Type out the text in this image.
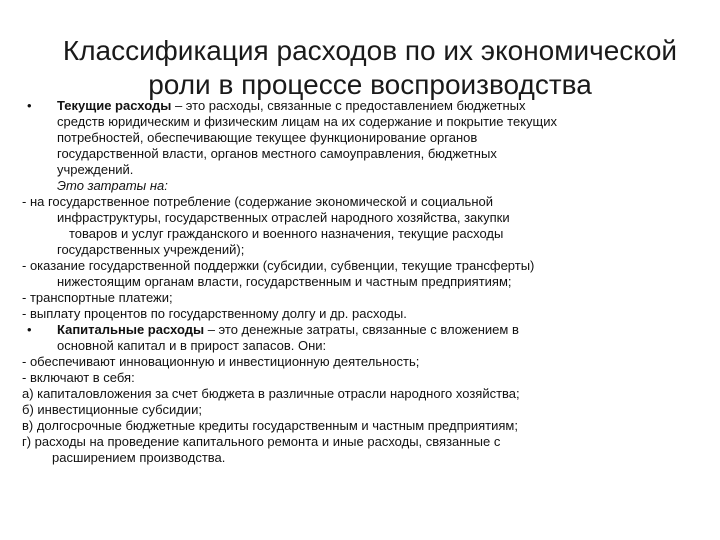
Классификация расходов по их экономической
роли в процессе воспроизводства
• Текущие расходы – это расходы, связанные с предоставлением бюджетных
средств юридическим и физическим лицам на их содержание и покрытие текущих
потребностей, обеспечивающие текущее функционирование органов
государственной власти, органов местного самоуправления, бюджетных
учреждений.
Это затраты на:
- на государственное потребление (содержание экономической и социальной
инфраструктуры, государственных отраслей народного хозяйства, закупки
товаров и услуг гражданского и военного назначения, текущие расходы
государственных учреждений);
- оказание государственной поддержки (субсидии, субвенции, текущие трансферты)
нижестоящим органам власти, государственным и частным предприятиям;
- транспортные платежи;
- выплату процентов по государственному долгу и др. расходы.
• Капитальные расходы – это денежные затраты, связанные с вложением в
основной капитал и в прирост запасов. Они:
- обеспечивают инновационную и инвестиционную деятельность;
- включают в себя:
а) капиталовложения за счет бюджета в различные отрасли народного хозяйства;
б) инвестиционные субсидии;
в) долгосрочные бюджетные кредиты государственным и частным предприятиям;
г) расходы на проведение капитального ремонта и иные расходы, связанные с
расширением производства.
